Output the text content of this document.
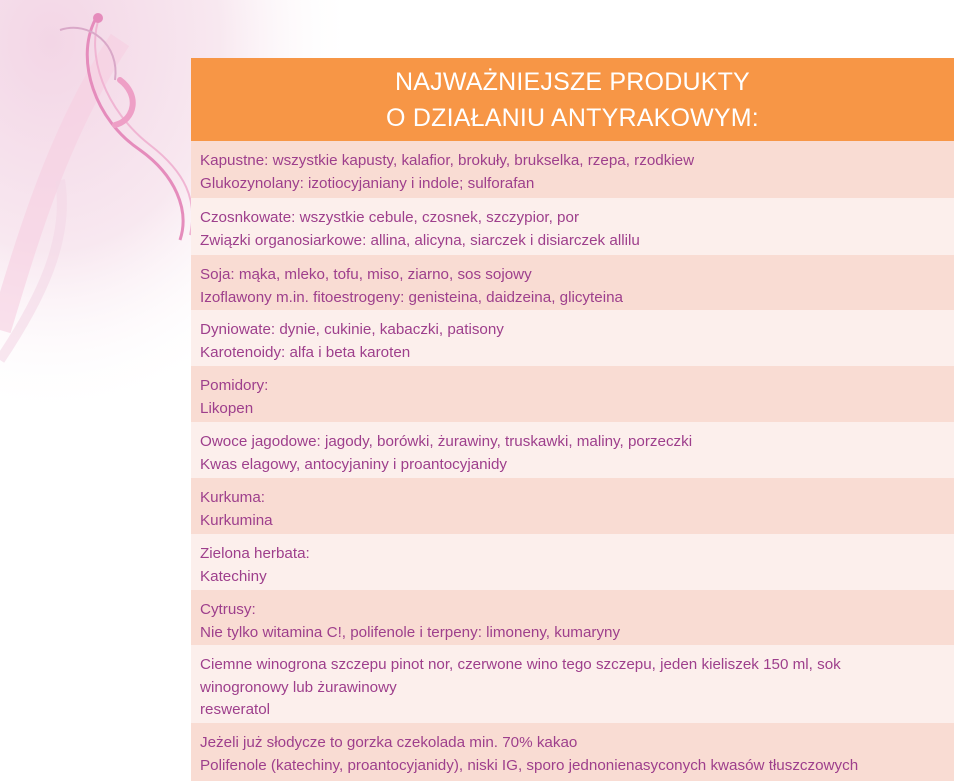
NAJWAŻNIEJSZE PRODUKTY
O DZIAŁANIU ANTYRAKOWYM:
Kapustne: wszystkie kapusty, kalafior, brokuły, brukselka, rzepa, rzodkiew
Glukozynolany: izotiocyjaniany i indole; sulforafan
Czosnkowate: wszystkie cebule, czosnek, szczypior, por
Związki organosiarkowe: allina, alicyna, siarczek i disiarczek allilu
Soja: mąka, mleko, tofu, miso, ziarno, sos sojowy
Izoflawony m.in. fitoestrogeny: genisteina, daidzeina, glicyteina
Dyniowate: dynie, cukinie, kabaczki, patisony
Karotenoidy: alfa i beta karoten
Pomidory:
Likopen
Owoce jagodowe: jagody, borówki, żurawiny, truskawki, maliny, porzeczki
Kwas elagowy, antocyjaniny i proantocyjanidy
Kurkuma:
Kurkumina
Zielona herbata:
Katechiny
Cytrusy:
Nie tylko witamina C!, polifenole i terpeny: limoneny, kumaryny
Ciemne winogrona szczepu pinot nor, czerwone wino tego szczepu, jeden kieliszek 150 ml, sok
winogronowy lub żurawinowy
resweratol
Jeżeli już słodycze to gorzka czekolada min. 70% kakao
Polifenole (katechiny, proantocyjanidy), niski IG, sporo jednonienasyconych kwasów tłuszczowych
